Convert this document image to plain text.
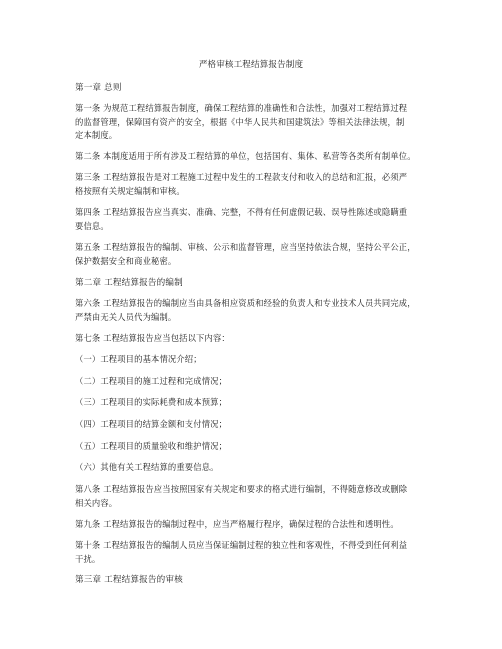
严格审核工程结算报告制度
第一章 总则
第一条 为规范工程结算报告制度，确保工程结算的准确性和合法性，加强对工程结算过程
的监督管理，保障国有资产的安全，根据《中华人民共和国建筑法》等相关法律法规，制
定本制度。
第二条 本制度适用于所有涉及工程结算的单位，包括国有、集体、私营等各类所有制单位。
第三条 工程结算报告是对工程施工过程中发生的工程款支付和收入的总结和汇报，必须严
格按照有关规定编制和审核。
第四条 工程结算报告应当真实、准确、完整，不得有任何虚假记载、误导性陈述或隐瞒重
要信息。
第五条 工程结算报告的编制、审核、公示和监督管理，应当坚持依法合规，坚持公平公正，
保护数据安全和商业秘密。
第二章 工程结算报告的编制
第六条 工程结算报告的编制应当由具备相应资质和经验的负责人和专业技术人员共同完成，
严禁由无关人员代为编制。
第七条 工程结算报告应当包括以下内容：
（一）工程项目的基本情况介绍；
（二）工程项目的施工过程和完成情况；
（三）工程项目的实际耗费和成本预算；
（四）工程项目的结算金额和支付情况；
（五）工程项目的质量验收和维护情况；
（六）其他有关工程结算的重要信息。
第八条 工程结算报告应当按照国家有关规定和要求的格式进行编制，不得随意修改或删除
相关内容。
第九条 工程结算报告的编制过程中，应当严格履行程序，确保过程的合法性和透明性。
第十条 工程结算报告的编制人员应当保证编制过程的独立性和客观性，不得受到任何利益
干扰。
第三章 工程结算报告的审核
